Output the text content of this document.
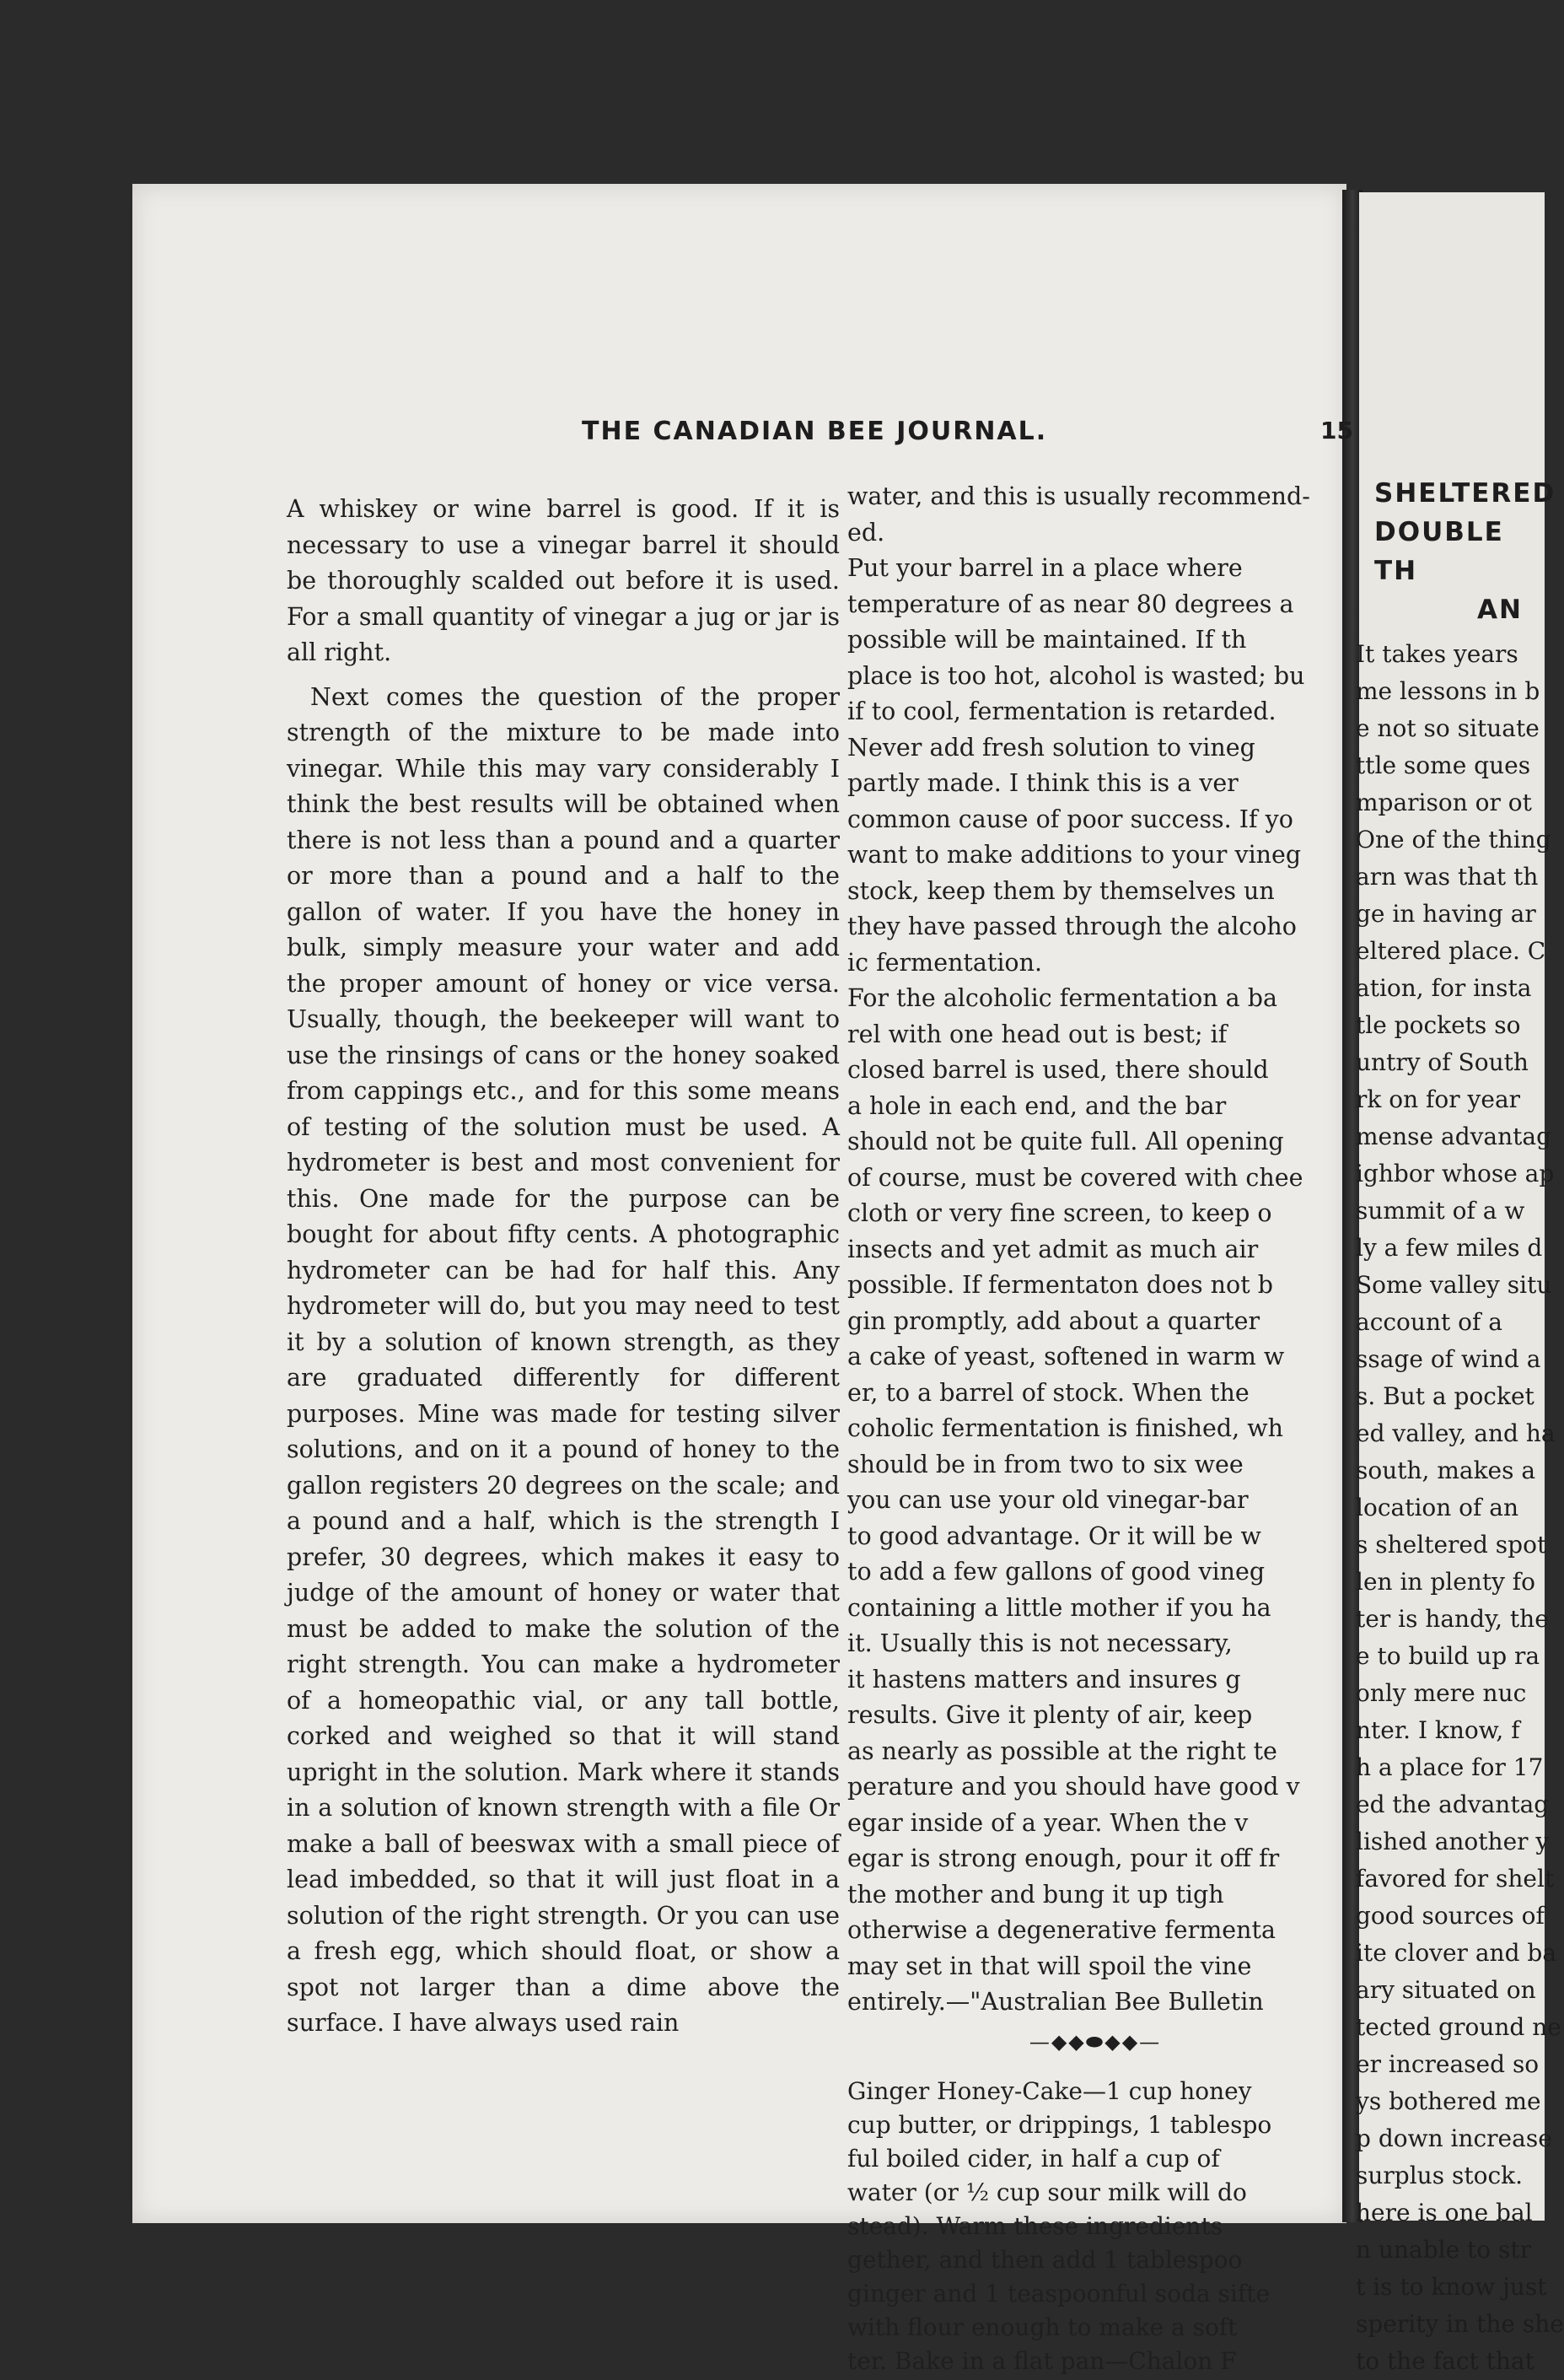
THE CANADIAN BEE JOURNAL.	15

A whiskey or wine barrel is good. If it is necessary to use a vinegar barrel it should be thoroughly scalded out before it is used. For a small quantity of vinegar a jug or jar is all right.

Next comes the question of the proper strength of the mixture to be made into vinegar. While this may vary considerably I think the best results will be obtained when there is not less than a pound and a quarter or more than a pound and a half to the gallon of water. If you have the honey in bulk, simply measure your water and add the proper amount of honey or vice versa. Usually, though, the beekeeper will want to use the rinsings of cans or the honey soaked from cappings etc., and for this some means of testing of the solution must be used. A hydrometer is best and most convenient for this. One made for the purpose can be bought for about fifty cents. A photographic hydrometer can be had for half this. Any hydrometer will do, but you may need to test it by a solution of known strength, as they are graduated differently for different purposes. Mine was made for testing silver solutions, and on it a pound of honey to the gallon registers 20 degrees on the scale; and a pound and a half, which is the strength I prefer, 30 degrees, which makes it easy to judge of the amount of honey or water that must be added to make the solution of the right strength. You can make a hydrometer of a homeopathic vial, or any tall bottle, corked and weighed so that it will stand upright in the solution. Mark where it stands in a solution of known strength with a file Or make a ball of beeswax with a small piece of lead imbedded, so that it will just float in a solution of the right strength. Or you can use a fresh egg, which should float, or show a spot not larger than a dime above the surface. I have always used rain

water, and this is usually recommend-
ed.
Put your barrel in a place where
temperature of as near 80 degrees a
possible will be maintained. If th
place is too hot, alcohol is wasted; bu
if to cool, fermentation is retarded.
Never add fresh solution to vineg
partly made. I think this is a ver
common cause of poor success. If yo
want to make additions to your vineg
stock, keep them by themselves un
they have passed through the alcoho
ic fermentation.
For the alcoholic fermentation a ba
rel with one head out is best; if
closed barrel is used, there should
a hole in each end, and the bar
should not be quite full. All opening
of course, must be covered with chee
cloth or very fine screen, to keep o
insects and yet admit as much air
possible. If fermentaton does not b
gin promptly, add about a quarter
a cake of yeast, softened in warm w
er, to a barrel of stock. When the
coholic fermentation is finished, wh
should be in from two to six wee
you can use your old vinegar-bar
to good advantage. Or it will be w
to add a few gallons of good vineg
containing a little mother if you ha
it. Usually this is not necessary,
it hastens matters and insures g
results. Give it plenty of air, keep
as nearly as possible at the right te
perature and you should have good v
egar inside of a year. When the v
egar is strong enough, pour it off fr
the mother and bung it up tigh
otherwise a degenerative fermenta
may set in that will spoil the vine
entirely.—"Australian Bee Bulletin
—◆◆⬬◆◆—
Ginger Honey-Cake—1 cup honey
cup butter, or drippings, 1 tablespo
ful boiled cider, in half a cup of
water (or ½ cup sour milk will do
stead). Warm these ingredients
gether, and then add 1 tablespoo
ginger and 1 teaspoonful soda sifte
with flour enough to make a soft
ter. Bake in a flat pan—Chalon F
SHELTERED
DOUBLE TH
AN
It takes years
me lessons in b
e not so situate
ttle some ques
mparison or ot
One of the thing
arn was that th
ge in having ar
eltered place. C
ation, for insta
tle pockets so
untry of South
rk on for year
mense advantag
ighbor whose ap
summit of a w
ly a few miles d
Some valley situ
account of a
ssage of wind a
s. But a pocket
ed valley, and ha
south, makes a
location of an
s sheltered spot
len in plenty fo
ter is handy, the
e to build up ra
only mere nuc
nter. I know, f
h a place for 17
ed the advantag
lished another y
favored for shelt
good sources of
ite clover and ba
ary situated on
tected ground ne
er increased so
ys bothered me
p down increase
surplus stock.
here is one bal
n unable to str
t is to know just
sperity in the she
to the fact that
